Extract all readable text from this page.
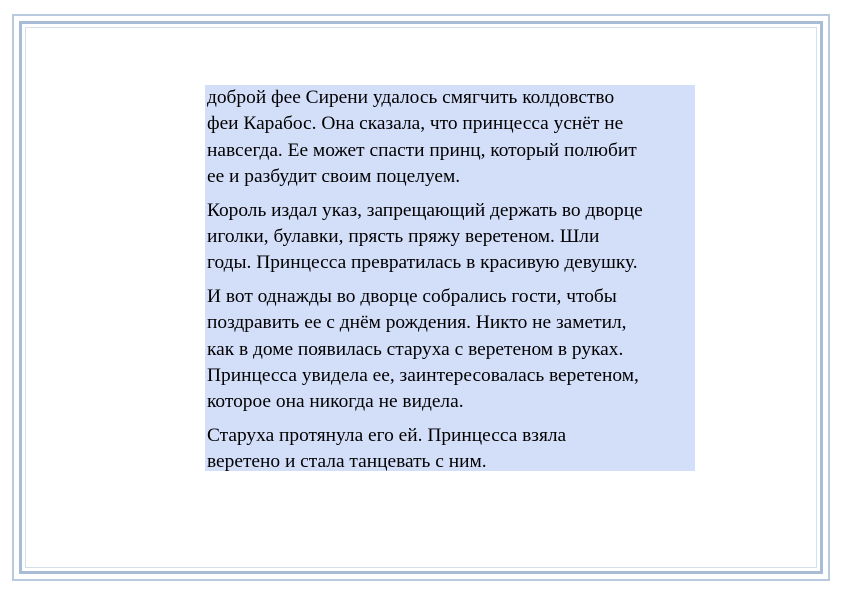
доброй фее Сирени удалось смягчить колдовство
феи Карабос. Она сказала, что принцесса уснёт не
навсегда. Ее может спасти принц, который полюбит
ее и разбудит своим поцелуем.

Король издал указ, запрещающий держать во дворце
иголки, булавки, прясть пряжу веретеном. Шли
годы. Принцесса превратилась в красивую девушку.

И вот однажды во дворце собрались гости, чтобы
поздравить ее с днём рождения. Никто не заметил,
как в доме появилась старуха с веретеном в руках.
Принцесса увидела ее, заинтересовалась веретеном,
которое она никогда не видела.

Старуха протянула его ей. Принцесса взяла
веретено и стала танцевать с ним.
